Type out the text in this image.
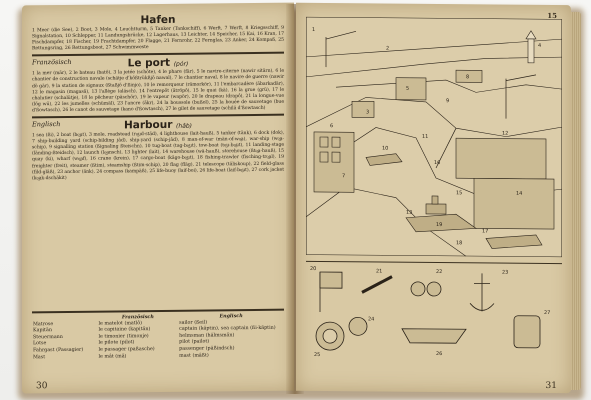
Hafen
1 Meer (die See), 2 Boot, 3 Mole, 4 Leuchtturm, 5 Tanker (Tankschiff), 6 Werft, 7 Werft, 8 Kriegsschiff, 9 Signalstation, 10 Schlepper, 11 Landungsbrücke, 12 Lagerhaus, 13 Leichter, 14 Speicher, 15 Kai, 16 Kran, 17 Fischdampfer, 18 Fischer, 19 Frachtdampfer, 20 Flagge, 21 Fernrohr, 22 Fernglas, 23 Anker, 24 Kompaß, 25 Rettungsring, 26 Rettungsboot, 27 Schwimmweste
Französisch	Le port (pór)
1 la mer (mär), 2 le bateau (batô), 3 la jetée (schöte), 4 le phare (fär), 5 le navire-citerne (nawir sitärn), 6 le chantier de construction navale (schätje d'kõßtrükßjõ nawal), 7 le chantier naval, 8 le navire de guerre (nawir dö gär), 9 la station de signaux (ßtaßjõ d'ßinjo), 10 le remorqueur (rämorkör), 11 l'embarcadère (ãbarkadär), 12 le magasin (magasã), 13 l'allège (aläsch), 14 l'entrepôt (ãtröpô), 15 le quai (kä), 16 la grue (grü), 17 le chalutier (schalütje), 18 le pêcheur (päschör), 19 le vapeur (wapör), 20 le drapeau (drapô), 21 la longue-vue (lõg wü), 22 les jumelles (schümäl), 23 l'ancre (ãkr), 24 la boussole (bußol), 25 la bouée de sauvetage (bue d'ßowtasch), 26 le canot de sauvetage (kano d'ßowtasch), 27 le gilet de sauvetage (schilä d'ßowtasch)
Englisch	Harbour (hâb)
1 sea (ßi), 2 boat (bo͜ut), 3 mole, roadstead (ro͜ud-städ), 4 lighthouse (lait-hauß), 5 tanker (tänk), 6 dock (dok), 7 ship-building yard (schip-bilding jâd), ship-yard (schip-jâd), 8 man-of-war (män-of-wo͜a), war-ship (wo͜a-schip), 9 signalling station (ßignaling ßteischn), 10 tug-boat (tag-bo͜ut), tow-boat (to͜u-bo͜ut), 11 landing-stage (länding-ßteidsch), 12 launch (lo͜ansch), 13 lighter (lait), 14 warehouse (wä-hauß), storehouse (ßto͜a-hauß), 15 quay (ki), wharf (wo͜af), 16 crane (krein), 17 cargo-boat (kâgo-bo͜ut), 18 fishing-trawler (fisching-tro͜al), 19 freighter (freit), steamer (ßtim), steamship (ßtim-schip), 20 flag (fläg), 21 telescope (täliskoup), 22 field-glass (fild-glâß), 23 anchor (änk), 24 compass (kampäß), 25 life-buoy (laif-boi), 26 life-boat (laif-bo͜ut), 27 cork jacket (ko͜ak-dschäkit)
	Französisch	Englisch
Matrose	le matelot (matlô)	sailor (ßeil)
Kapitän	le capitaine (kapitän)	captain (käptin), sea captain (ßi-käptin)
Steuermann	le timonier (timonje)	helmsman (hälmsmän)
Lotse	le pilote (pilot)	pilot (pailot)
Fahrgast (Passagier)	le passager (paßasche)	passenger (päßindsch)
Mast	le mât (mâ)	mast (mâßt)
30
15
1
2
3
4
5
6
7
8
9
10
11
12
13
14
15
16
17
18
19
20	21	22	23
24
25	26
27
31
